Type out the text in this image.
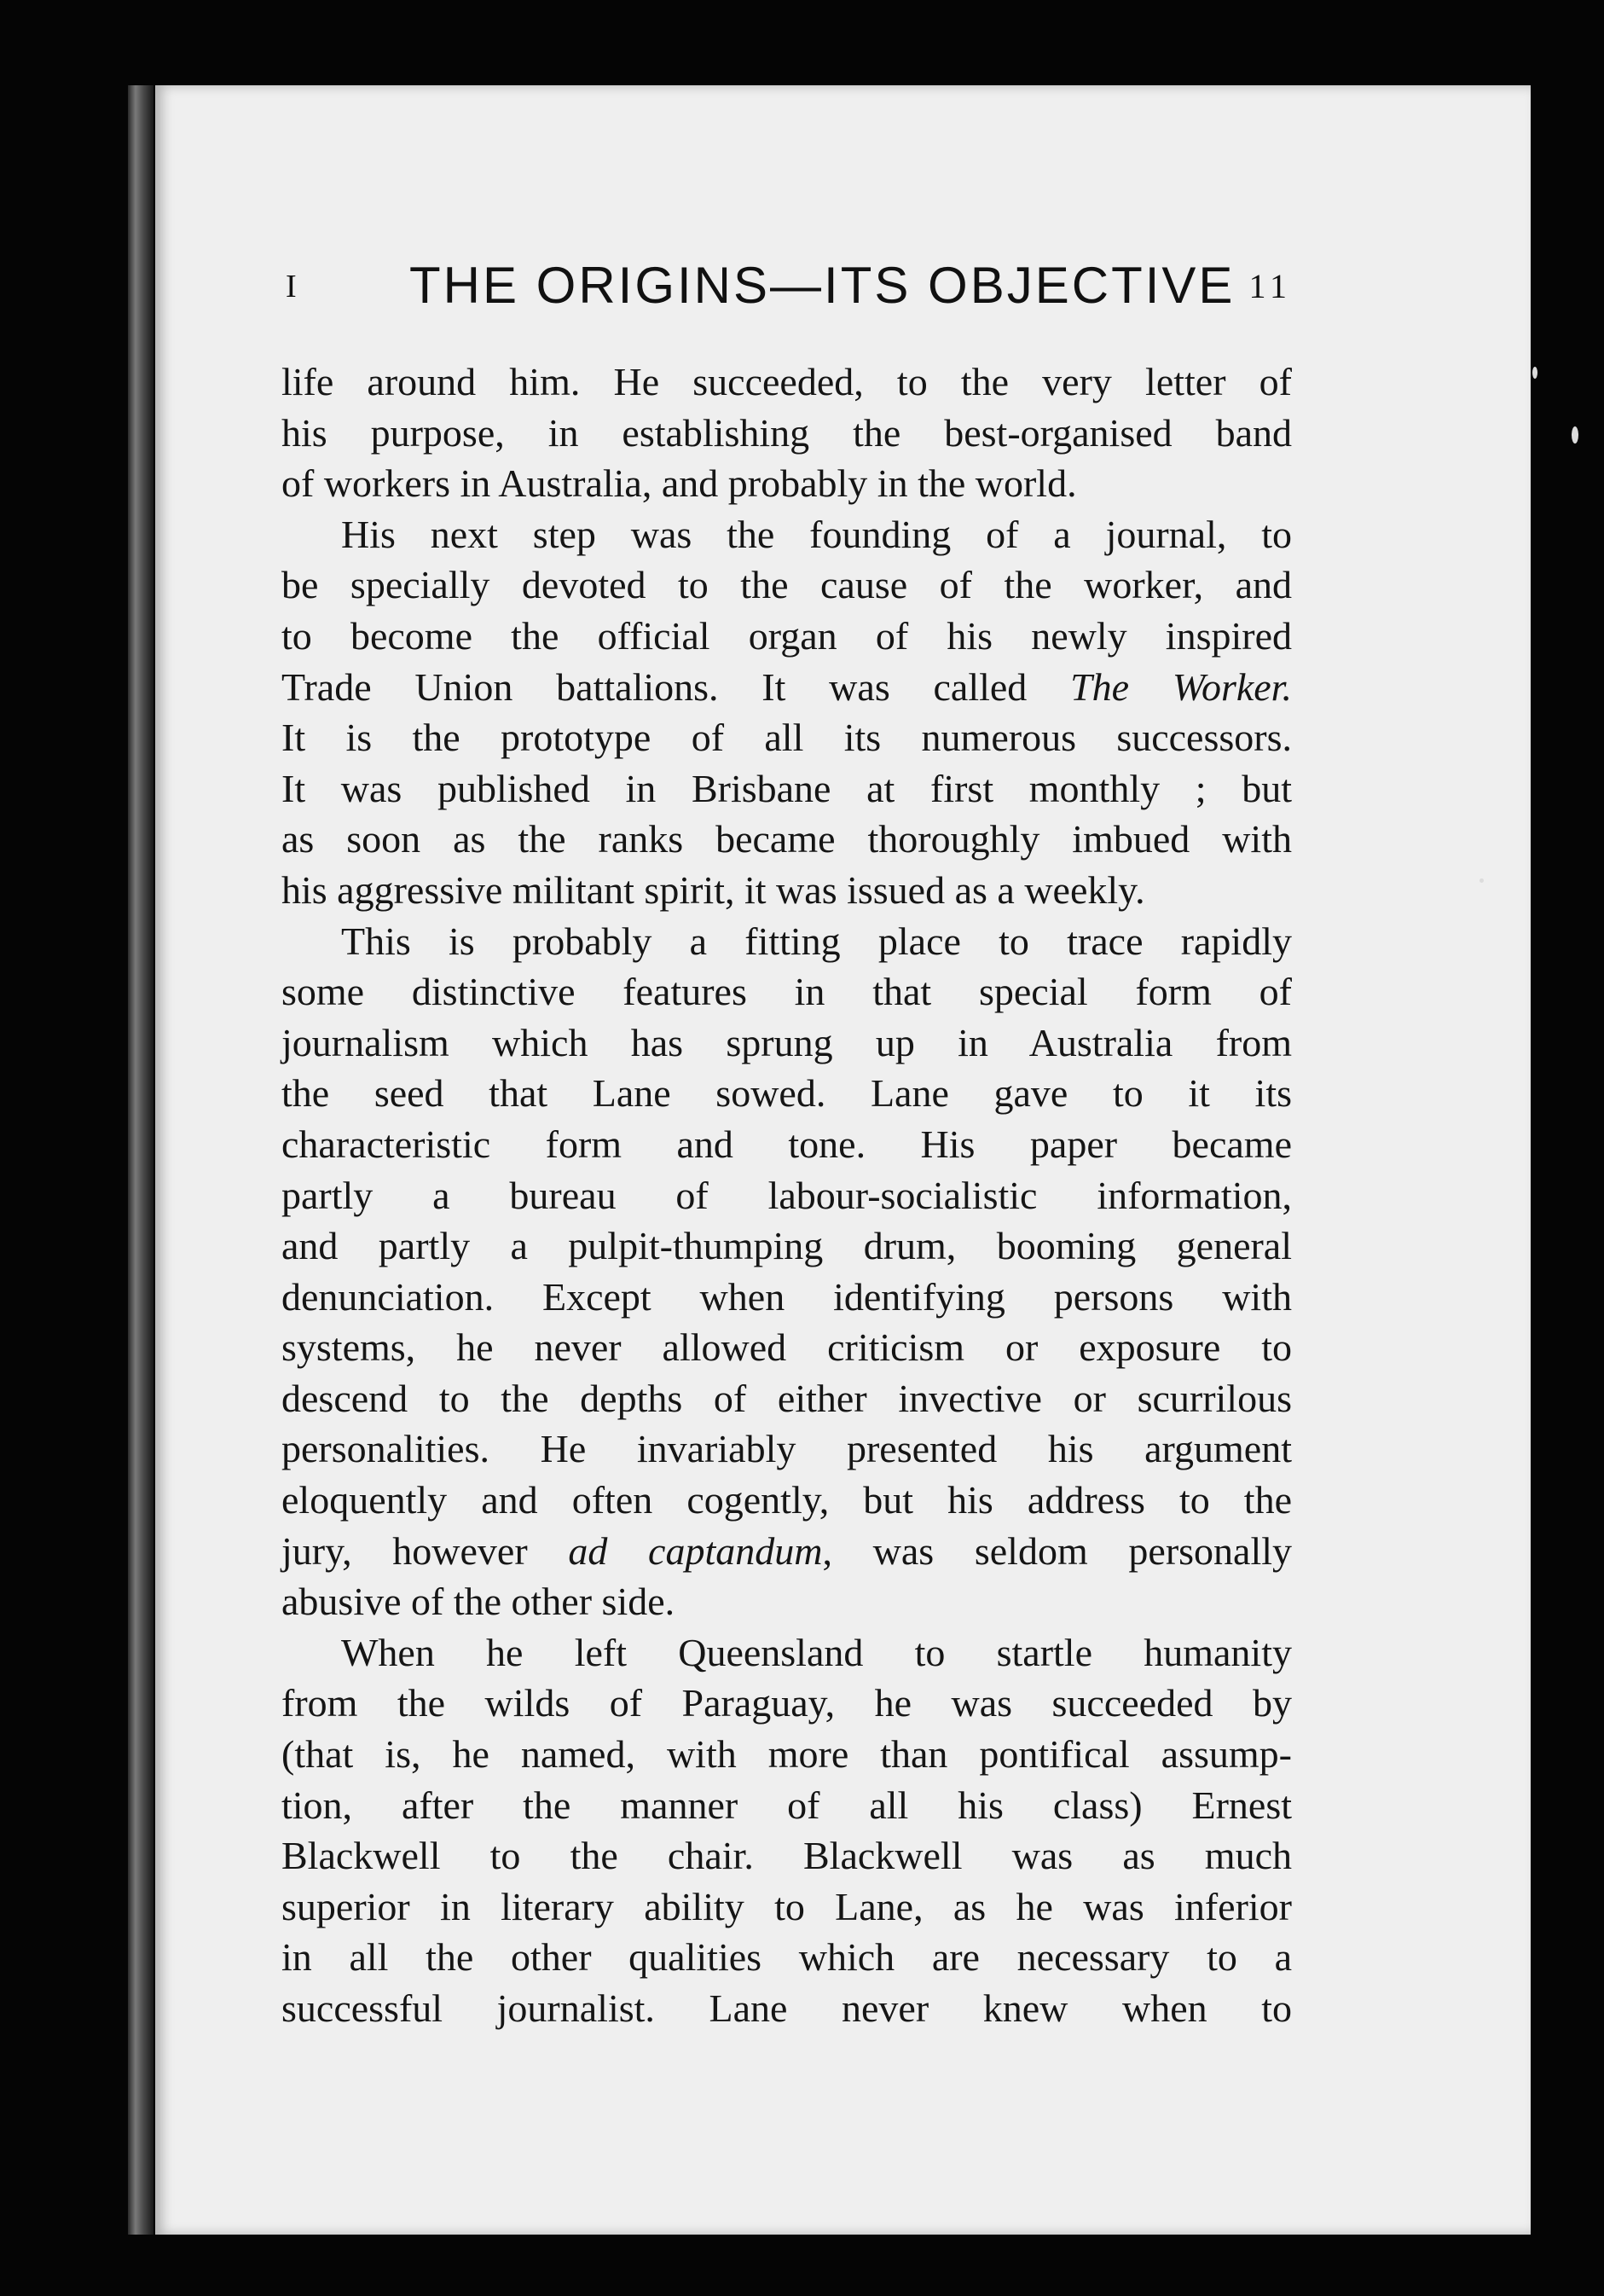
I THE ORIGINS—ITS OBJECTIVE 11
life around him. He succeeded, to the very letter of
his purpose, in establishing the best-organised band
of workers in Australia, and probably in the world.
His next step was the founding of a journal, to
be specially devoted to the cause of the worker, and
to become the official organ of his newly inspired
Trade Union battalions. It was called The Worker.
It is the prototype of all its numerous successors.
It was published in Brisbane at first monthly ; but
as soon as the ranks became thoroughly imbued with
his aggressive militant spirit, it was issued as a weekly.
This is probably a fitting place to trace rapidly
some distinctive features in that special form of
journalism which has sprung up in Australia from
the seed that Lane sowed. Lane gave to it its
characteristic form and tone. His paper became
partly a bureau of labour-socialistic information,
and partly a pulpit-thumping drum, booming general
denunciation. Except when identifying persons with
systems, he never allowed criticism or exposure to
descend to the depths of either invective or scurrilous
personalities. He invariably presented his argument
eloquently and often cogently, but his address to the
jury, however ad captandum, was seldom personally
abusive of the other side.
When he left Queensland to startle humanity
from the wilds of Paraguay, he was succeeded by
(that is, he named, with more than pontifical assump-
tion, after the manner of all his class) Ernest
Blackwell to the chair. Blackwell was as much
superior in literary ability to Lane, as he was inferior
in all the other qualities which are necessary to a
successful journalist. Lane never knew when to
